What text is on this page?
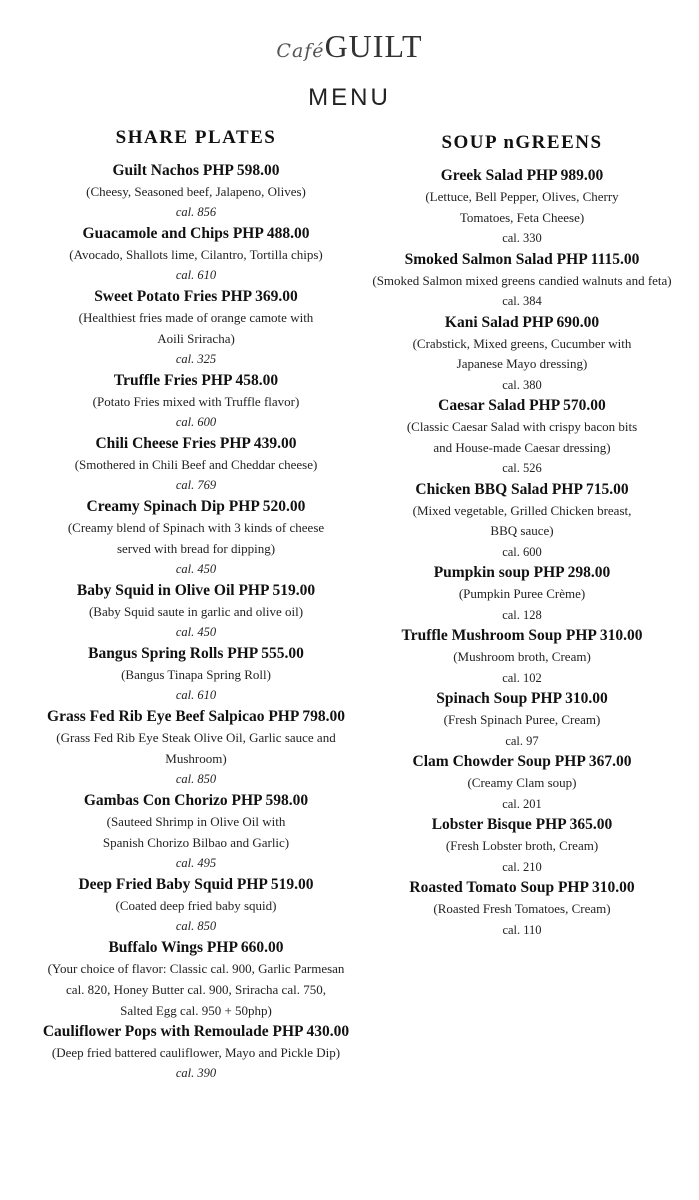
CaféGUILT
MENU
SHARE PLATES
Guilt Nachos PHP 598.00
(Cheesy, Seasoned beef, Jalapeno, Olives)
cal. 856
Guacamole and Chips PHP 488.00
(Avocado, Shallots lime, Cilantro, Tortilla chips)
cal. 610
Sweet Potato Fries PHP 369.00
(Healthiest fries made of orange camote with
Aoili Sriracha)
cal. 325
Truffle Fries PHP 458.00
(Potato Fries mixed with Truffle flavor)
cal. 600
Chili Cheese Fries PHP 439.00
(Smothered in Chili Beef and Cheddar cheese)
cal. 769
Creamy Spinach Dip PHP 520.00
(Creamy blend of Spinach with 3 kinds of cheese
served with bread for dipping)
cal. 450
Baby Squid in Olive Oil PHP 519.00
(Baby Squid saute in garlic and olive oil)
cal. 450
Bangus Spring Rolls PHP 555.00
(Bangus Tinapa Spring Roll)
cal. 610
Grass Fed Rib Eye Beef Salpicao PHP 798.00
(Grass Fed Rib Eye Steak Olive Oil, Garlic sauce and
Mushroom)
cal. 850
Gambas Con Chorizo PHP 598.00
(Sauteed Shrimp in Olive Oil with
Spanish Chorizo Bilbao and Garlic)
cal. 495
Deep Fried Baby Squid PHP 519.00
(Coated deep fried baby squid)
cal. 850
Buffalo Wings PHP 660.00
(Your choice of flavor: Classic cal. 900, Garlic Parmesan
cal. 820, Honey Butter cal. 900, Sriracha cal. 750,
Salted Egg cal. 950 + 50php)
Cauliflower Pops with Remoulade PHP 430.00
(Deep fried battered cauliflower, Mayo and Pickle Dip)
cal. 390
SOUP nGREENS
Greek Salad PHP 989.00
(Lettuce, Bell Pepper, Olives, Cherry
Tomatoes, Feta Cheese)
cal. 330
Smoked Salmon Salad PHP 1115.00
(Smoked Salmon mixed greens candied walnuts and feta)
cal. 384
Kani Salad PHP 690.00
(Crabstick, Mixed greens, Cucumber with
Japanese Mayo dressing)
cal. 380
Caesar Salad PHP 570.00
(Classic Caesar Salad with crispy bacon bits
and House-made Caesar dressing)
cal. 526
Chicken BBQ Salad PHP 715.00
(Mixed vegetable, Grilled Chicken breast,
BBQ sauce)
cal. 600
Pumpkin soup PHP 298.00
(Pumpkin Puree Crème)
cal. 128
Truffle Mushroom Soup PHP 310.00
(Mushroom broth, Cream)
cal. 102
Spinach Soup PHP 310.00
(Fresh Spinach Puree, Cream)
cal. 97
Clam Chowder Soup PHP 367.00
(Creamy Clam soup)
cal. 201
Lobster Bisque PHP 365.00
(Fresh Lobster broth, Cream)
cal. 210
Roasted Tomato Soup PHP 310.00
(Roasted Fresh Tomatoes, Cream)
cal. 110
